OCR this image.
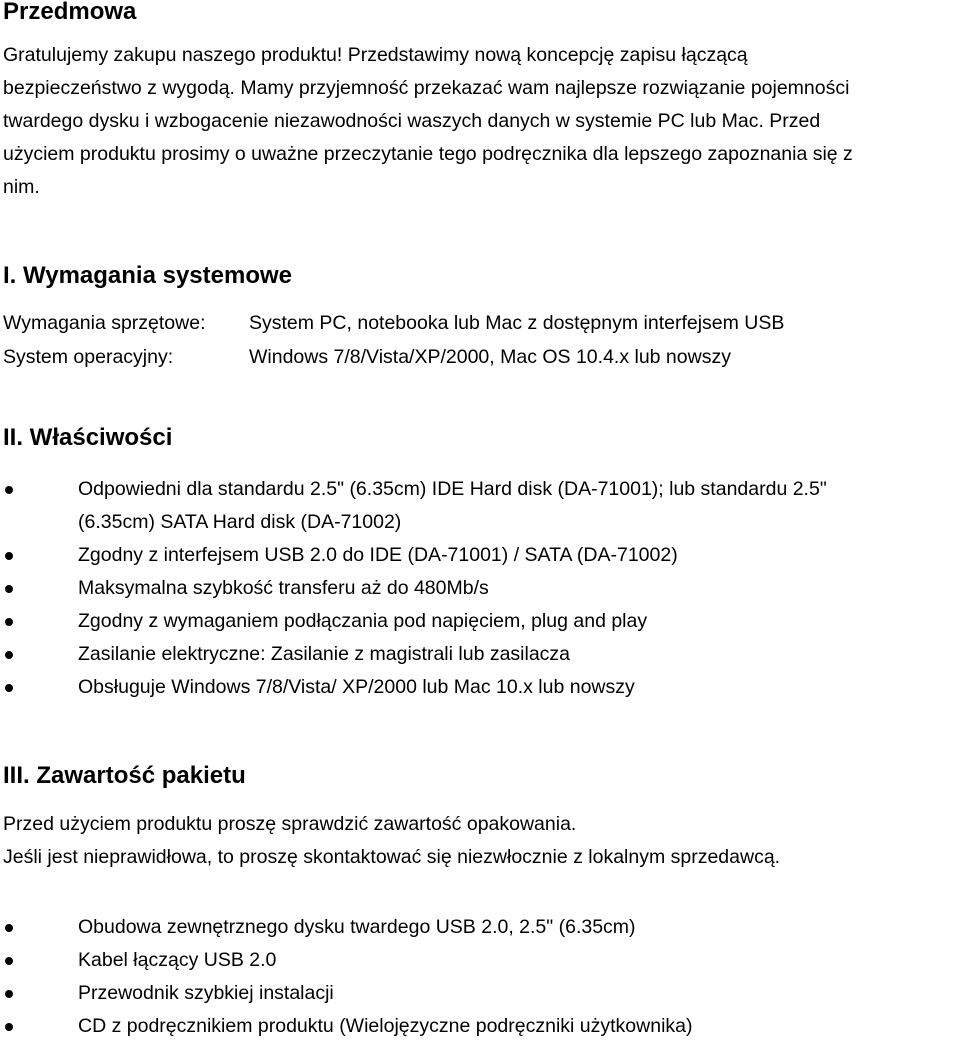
Przedmowa
Gratulujemy zakupu naszego produktu! Przedstawimy nową koncepcję zapisu łączącą
bezpieczeństwo z wygodą. Mamy przyjemność przekazać wam najlepsze rozwiązanie pojemności
twardego dysku i wzbogacenie niezawodności waszych danych w systemie PC lub Mac. Przed
użyciem produktu prosimy o uważne przeczytanie tego podręcznika dla lepszego zapoznania się z
nim.
I. Wymagania systemowe
Wymagania sprzętowe: System PC, notebooka lub Mac z dostępnym interfejsem USB
System operacyjny:	Windows 7/8/Vista/XP/2000, Mac OS 10.4.x lub nowszy
II. Właściwości
Odpowiedni dla standardu 2.5" (6.35cm) IDE Hard disk (DA-71001); lub standardu 2.5"
(6.35cm) SATA Hard disk (DA-71002)
Zgodny z interfejsem USB 2.0 do IDE (DA-71001) / SATA (DA-71002)
Maksymalna szybkość transferu aż do 480Mb/s
Zgodny z wymaganiem podłączania pod napięciem, plug and play
Zasilanie elektryczne: Zasilanie z magistrali lub zasilacza
Obsługuje Windows 7/8/Vista/ XP/2000 lub Mac 10.x lub nowszy
III. Zawartość pakietu
Przed użyciem produktu proszę sprawdzić zawartość opakowania.
Jeśli jest nieprawidłowa, to proszę skontaktować się niezwłocznie z lokalnym sprzedawcą.
Obudowa zewnętrznego dysku twardego USB 2.0, 2.5" (6.35cm)
Kabel łączący USB 2.0
Przewodnik szybkiej instalacji
CD z podręcznikiem produktu (Wielojęzyczne podręczniki użytkownika)
